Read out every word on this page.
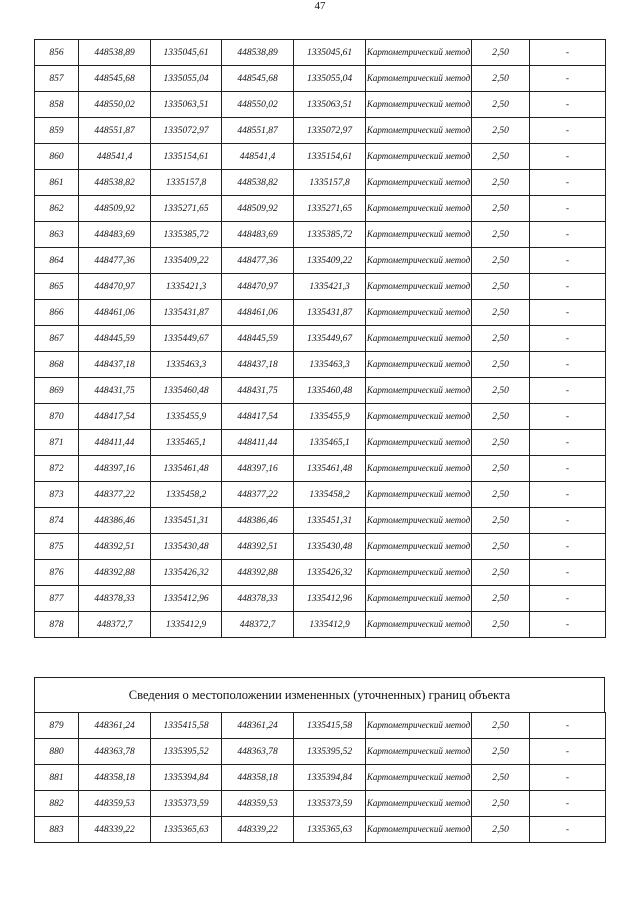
47
856	448538,89	1335045,61	448538,89	1335045,61	Картометрический метод	2,50	-
857	448545,68	1335055,04	448545,68	1335055,04	Картометрический метод	2,50	-
858	448550,02	1335063,51	448550,02	1335063,51	Картометрический метод	2,50	-
859	448551,87	1335072,97	448551,87	1335072,97	Картометрический метод	2,50	-
860	448541,4	1335154,61	448541,4	1335154,61	Картометрический метод	2,50	-
861	448538,82	1335157,8	448538,82	1335157,8	Картометрический метод	2,50	-
862	448509,92	1335271,65	448509,92	1335271,65	Картометрический метод	2,50	-
863	448483,69	1335385,72	448483,69	1335385,72	Картометрический метод	2,50	-
864	448477,36	1335409,22	448477,36	1335409,22	Картометрический метод	2,50	-
865	448470,97	1335421,3	448470,97	1335421,3	Картометрический метод	2,50	-
866	448461,06	1335431,87	448461,06	1335431,87	Картометрический метод	2,50	-
867	448445,59	1335449,67	448445,59	1335449,67	Картометрический метод	2,50	-
868	448437,18	1335463,3	448437,18	1335463,3	Картометрический метод	2,50	-
869	448431,75	1335460,48	448431,75	1335460,48	Картометрический метод	2,50	-
870	448417,54	1335455,9	448417,54	1335455,9	Картометрический метод	2,50	-
871	448411,44	1335465,1	448411,44	1335465,1	Картометрический метод	2,50	-
872	448397,16	1335461,48	448397,16	1335461,48	Картометрический метод	2,50	-
873	448377,22	1335458,2	448377,22	1335458,2	Картометрический метод	2,50	-
874	448386,46	1335451,31	448386,46	1335451,31	Картометрический метод	2,50	-
875	448392,51	1335430,48	448392,51	1335430,48	Картометрический метод	2,50	-
876	448392,88	1335426,32	448392,88	1335426,32	Картометрический метод	2,50	-
877	448378,33	1335412,96	448378,33	1335412,96	Картометрический метод	2,50	-
878	448372,7	1335412,9	448372,7	1335412,9	Картометрический метод	2,50	-
Сведения о местоположении измененных (уточненных) границ объекта
879	448361,24	1335415,58	448361,24	1335415,58	Картометрический метод	2,50	-
880	448363,78	1335395,52	448363,78	1335395,52	Картометрический метод	2,50	-
881	448358,18	1335394,84	448358,18	1335394,84	Картометрический метод	2,50	-
882	448359,53	1335373,59	448359,53	1335373,59	Картометрический метод	2,50	-
883	448339,22	1335365,63	448339,22	1335365,63	Картометрический метод	2,50	-
